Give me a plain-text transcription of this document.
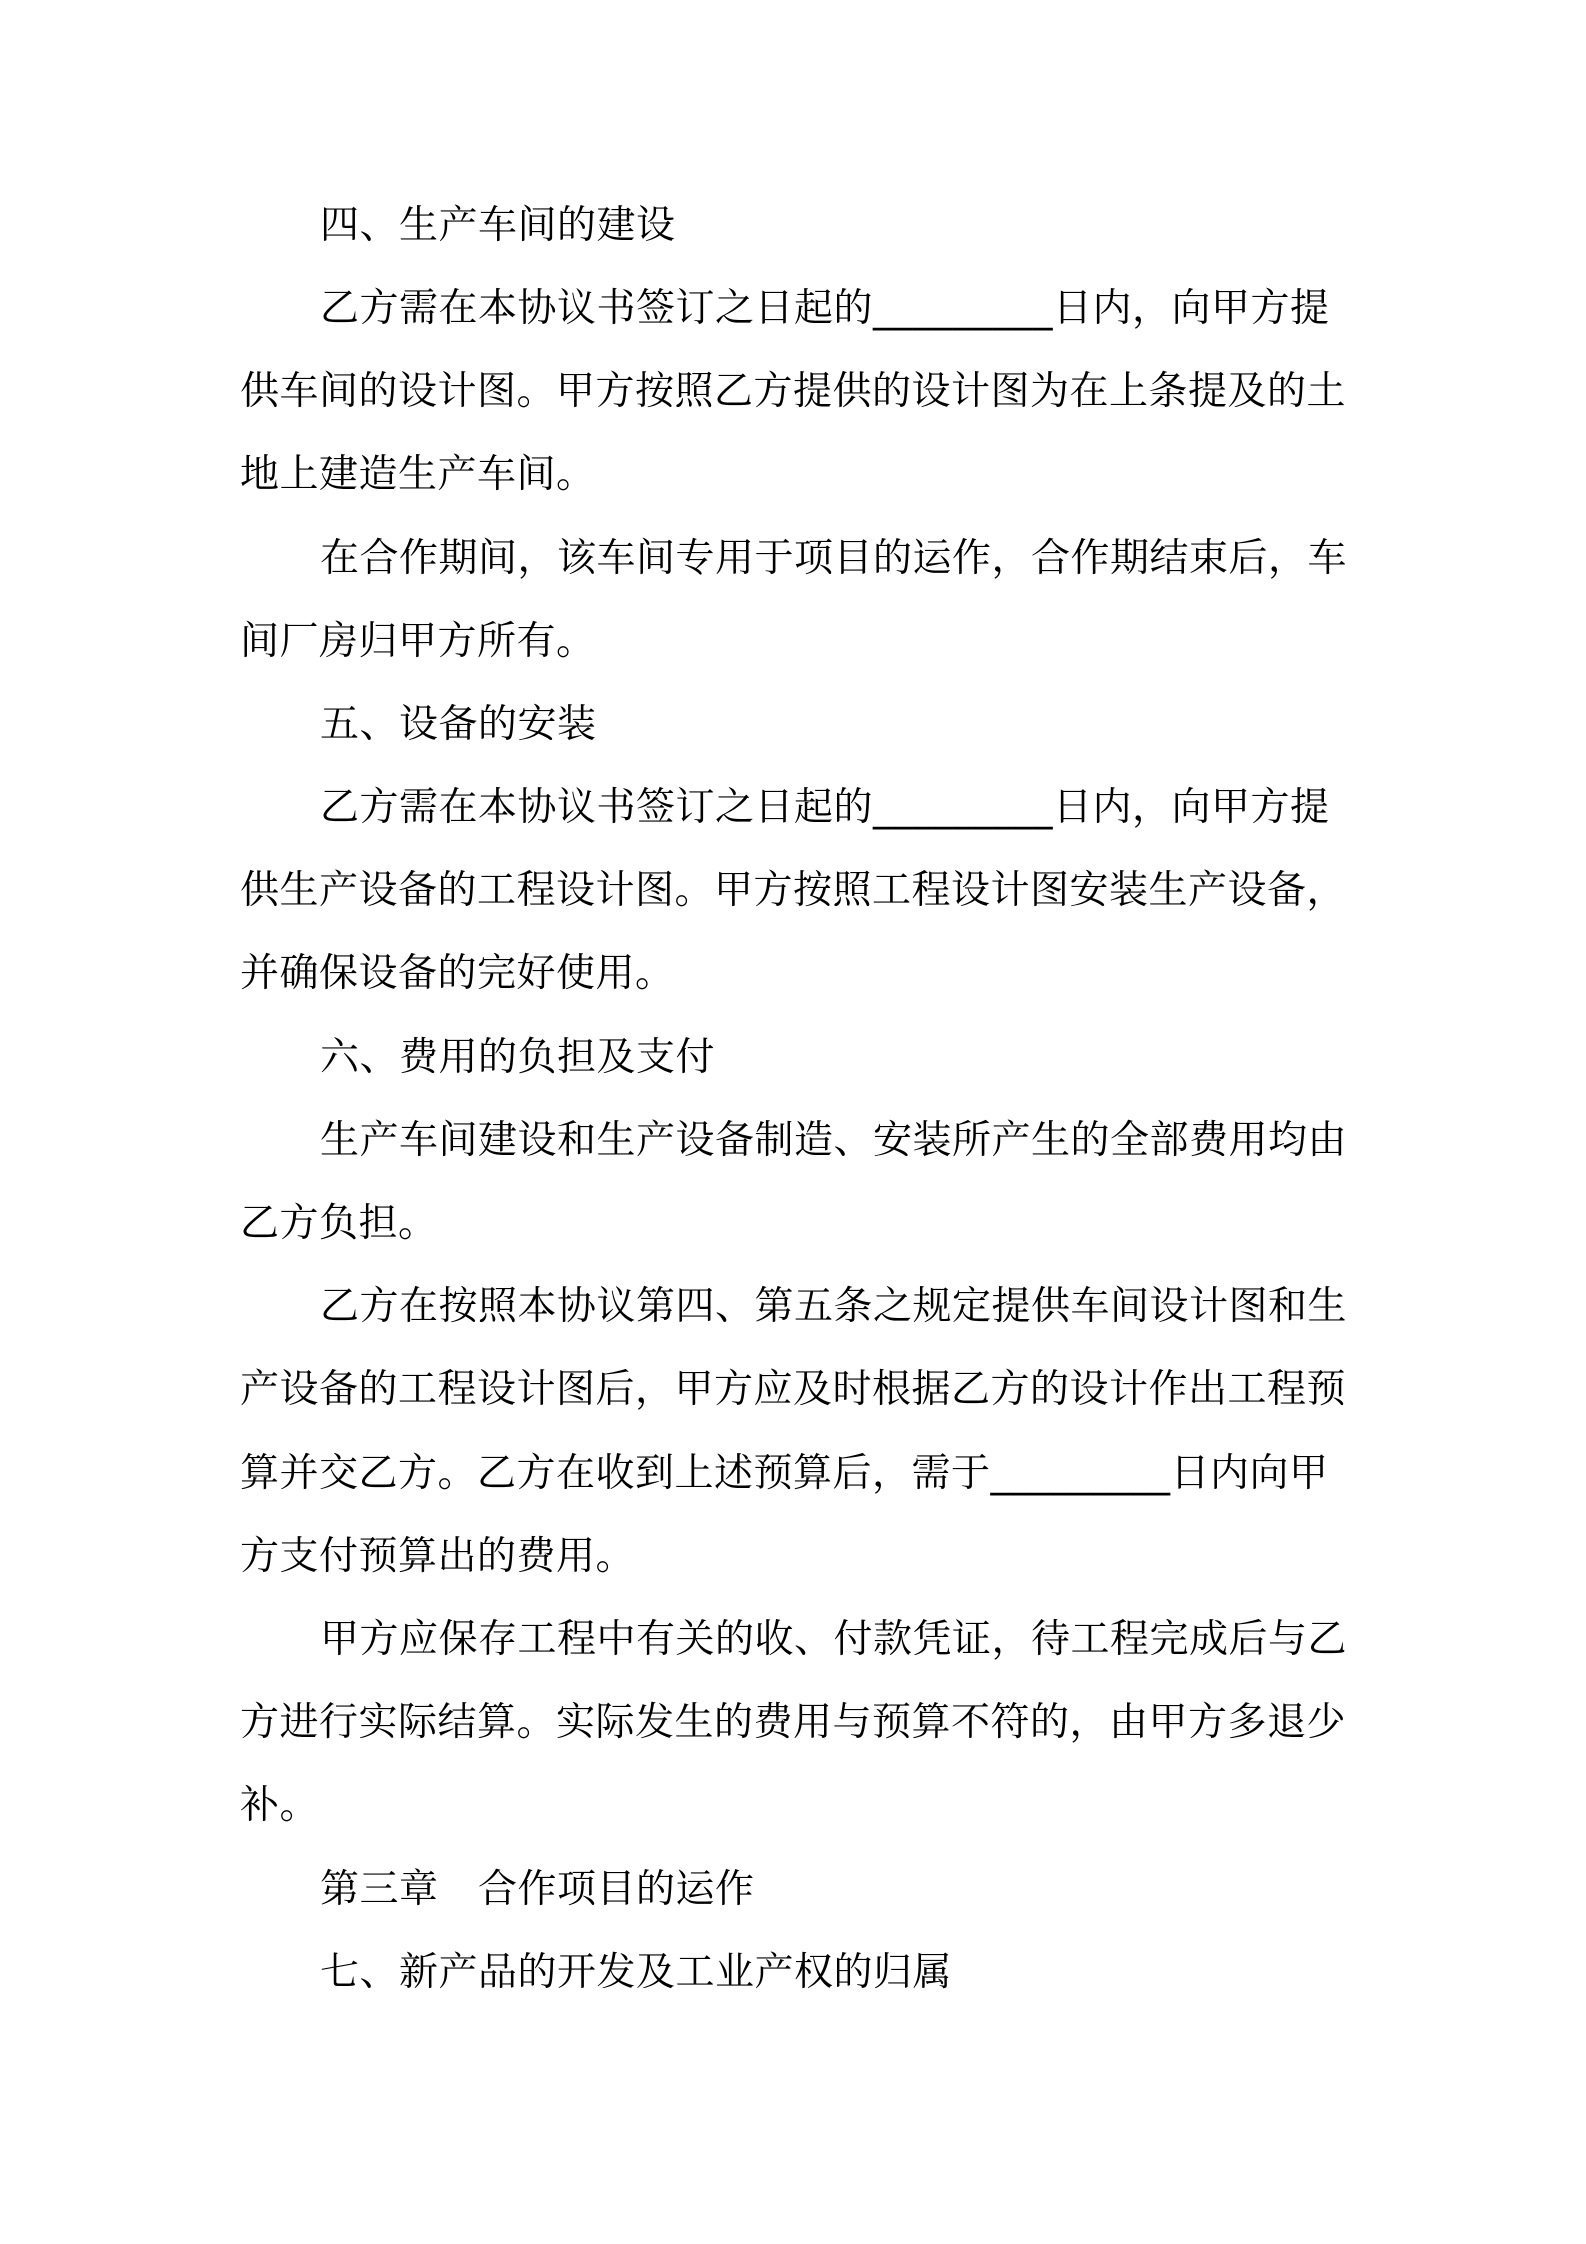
四、生产车间的建设
乙方需在本协议书签订之日起的_________日内，向甲方提
供车间的设计图。甲方按照乙方提供的设计图为在上条提及的土
地上建造生产车间。
在合作期间，该车间专用于项目的运作，合作期结束后，车
间厂房归甲方所有。
五、设备的安装
乙方需在本协议书签订之日起的_________日内，向甲方提
供生产设备的工程设计图。甲方按照工程设计图安装生产设备，
并确保设备的完好使用。
六、费用的负担及支付
生产车间建设和生产设备制造、安装所产生的全部费用均由
乙方负担。
乙方在按照本协议第四、第五条之规定提供车间设计图和生
产设备的工程设计图后，甲方应及时根据乙方的设计作出工程预
算并交乙方。乙方在收到上述预算后，需于_________日内向甲
方支付预算出的费用。
甲方应保存工程中有关的收、付款凭证，待工程完成后与乙
方进行实际结算。实际发生的费用与预算不符的，由甲方多退少
补。
第三章　合作项目的运作
七、新产品的开发及工业产权的归属
